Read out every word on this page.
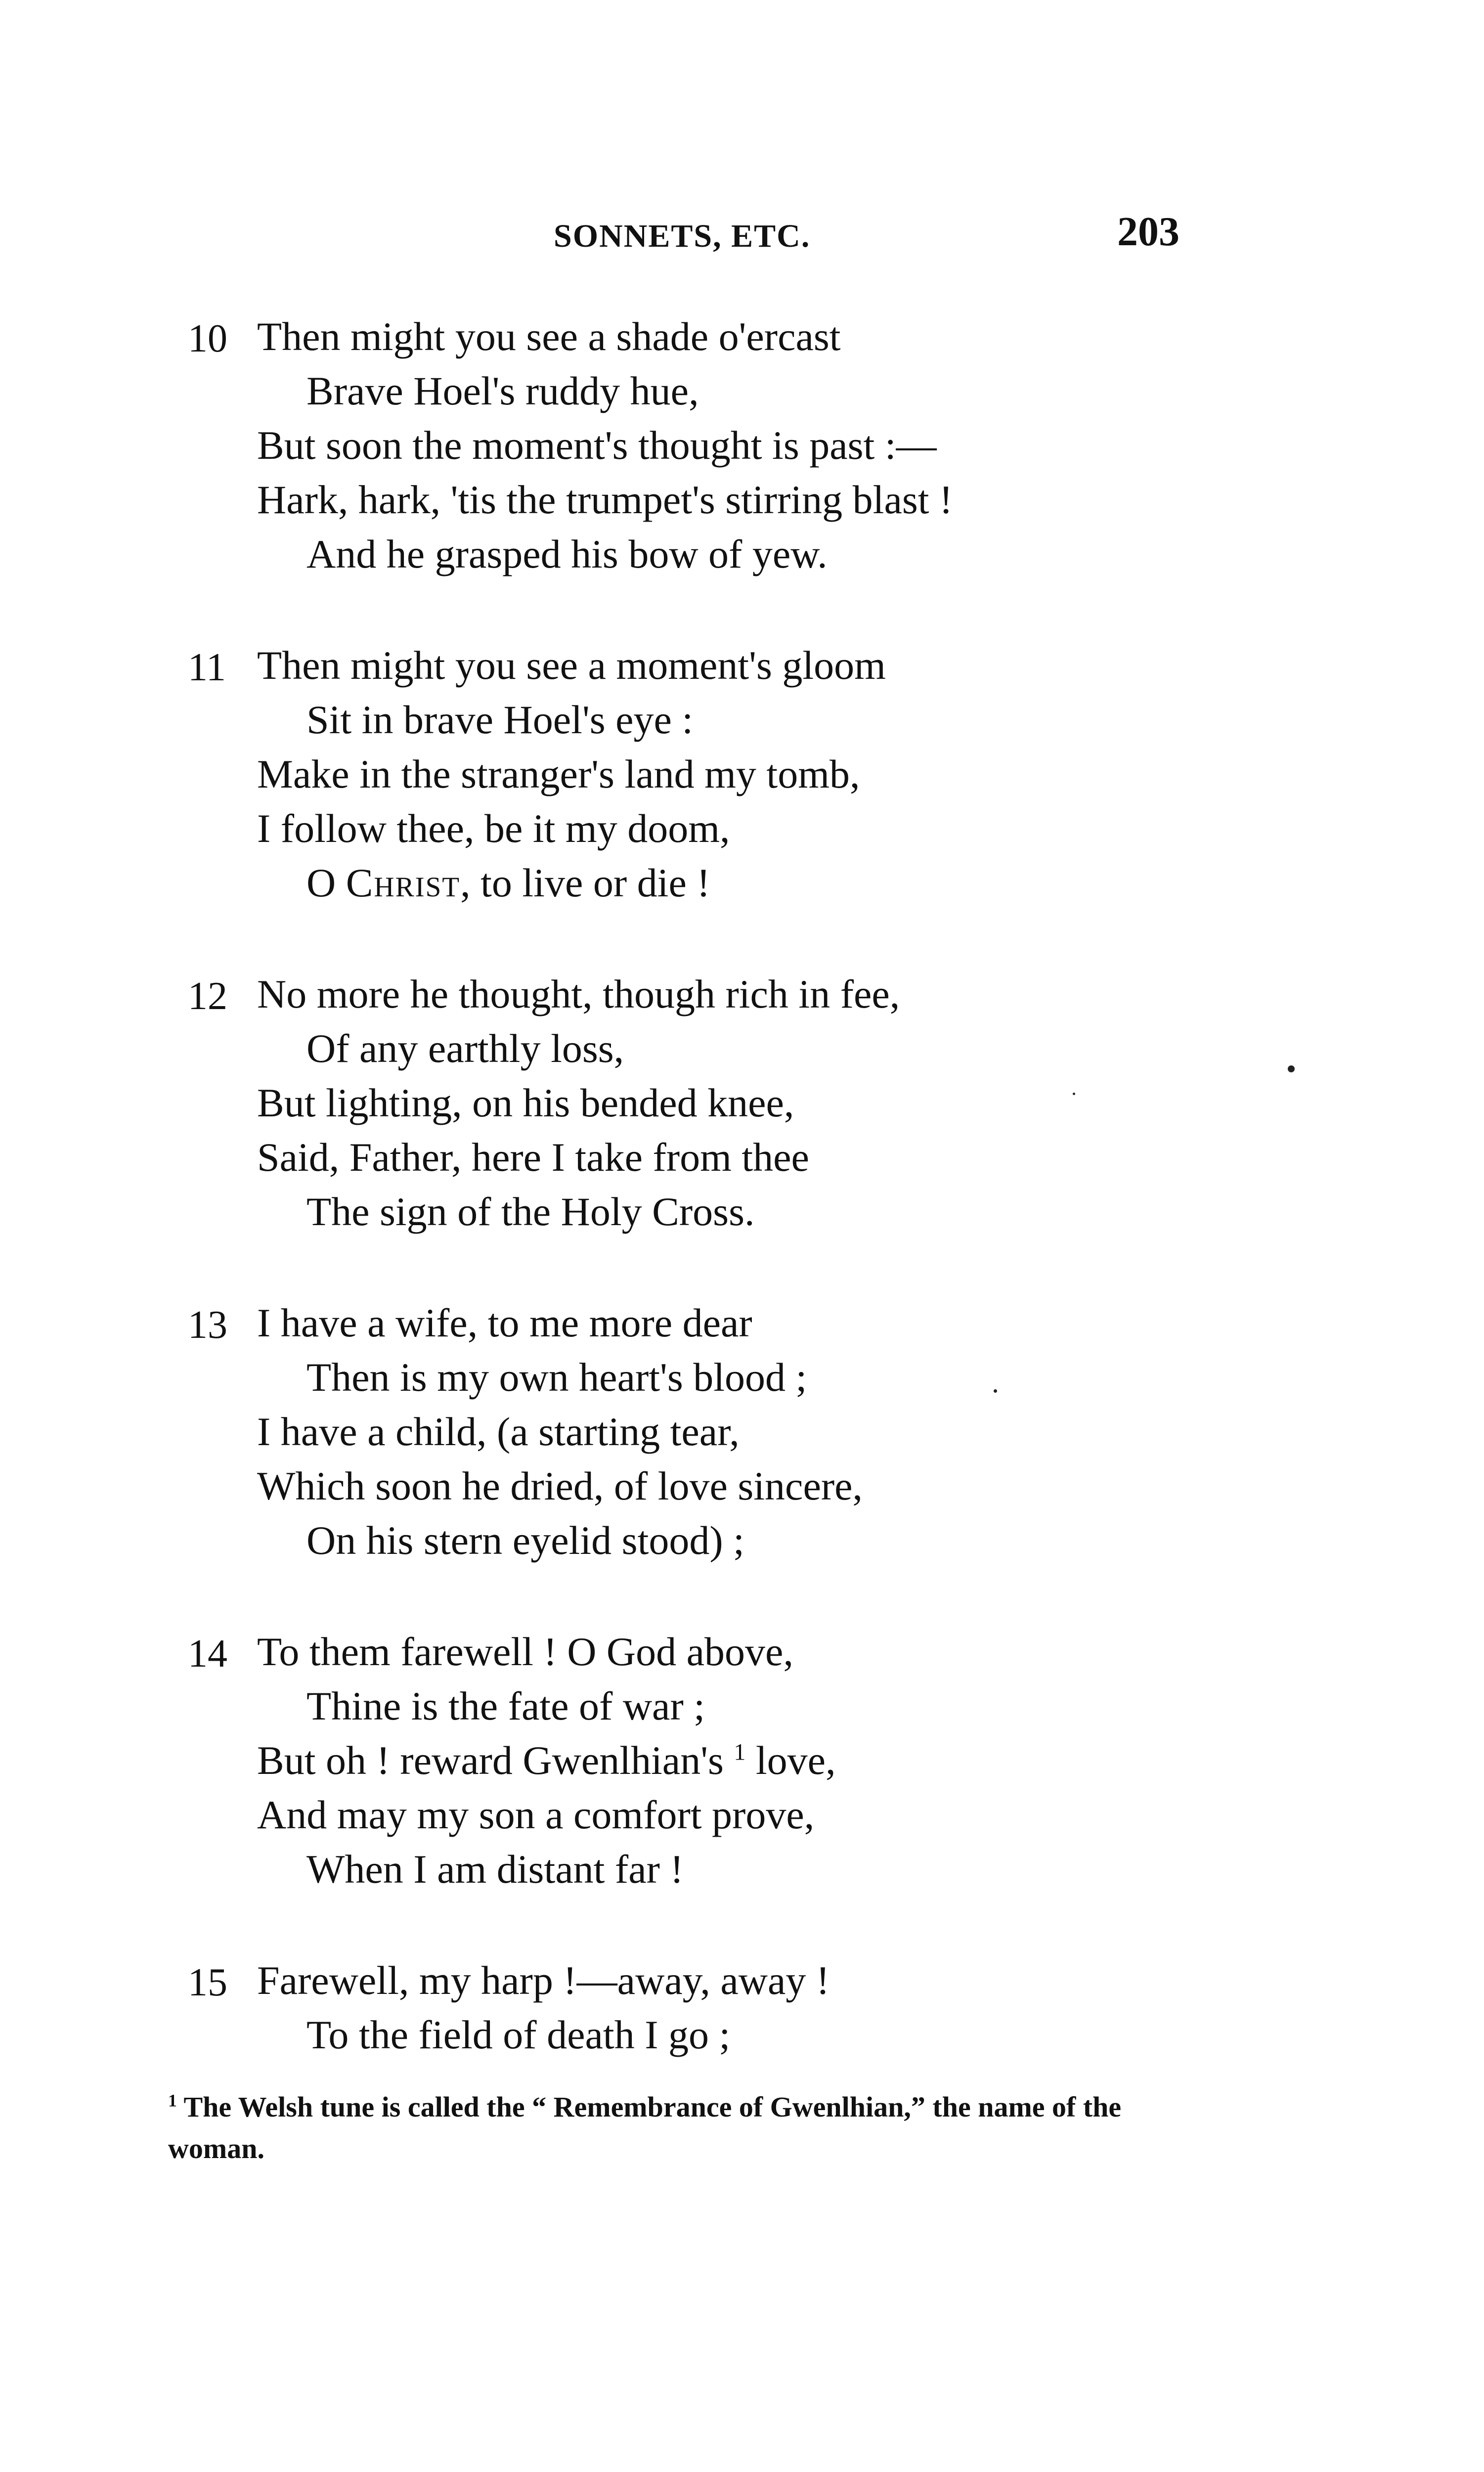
SONNETS, ETC.	203
10 Then might you see a shade o'ercast
Brave Hoel's ruddy hue,
But soon the moment's thought is past :—
Hark, hark, 'tis the trumpet's stirring blast !
And he grasped his bow of yew.
11 Then might you see a moment's gloom
Sit in brave Hoel's eye :
Make in the stranger's land my tomb,
I follow thee, be it my doom,
O Christ, to live or die !
12 No more he thought, though rich in fee,
Of any earthly loss,
But lighting, on his bended knee,
Said, Father, here I take from thee
The sign of the Holy Cross.
13 I have a wife, to me more dear
Then is my own heart's blood ;
I have a child, (a starting tear,
Which soon he dried, of love sincere,
On his stern eyelid stood) ;
14 To them farewell ! O God above,
Thine is the fate of war ;
But oh ! reward Gwenlhian's $^1$ love,
And may my son a comfort prove,
When I am distant far !
15 Farewell, my harp !—away, away !
To the field of death I go ;
$^1$ The Welsh tune is called the “ Remembrance of Gwenlhian,” the name of the woman.
